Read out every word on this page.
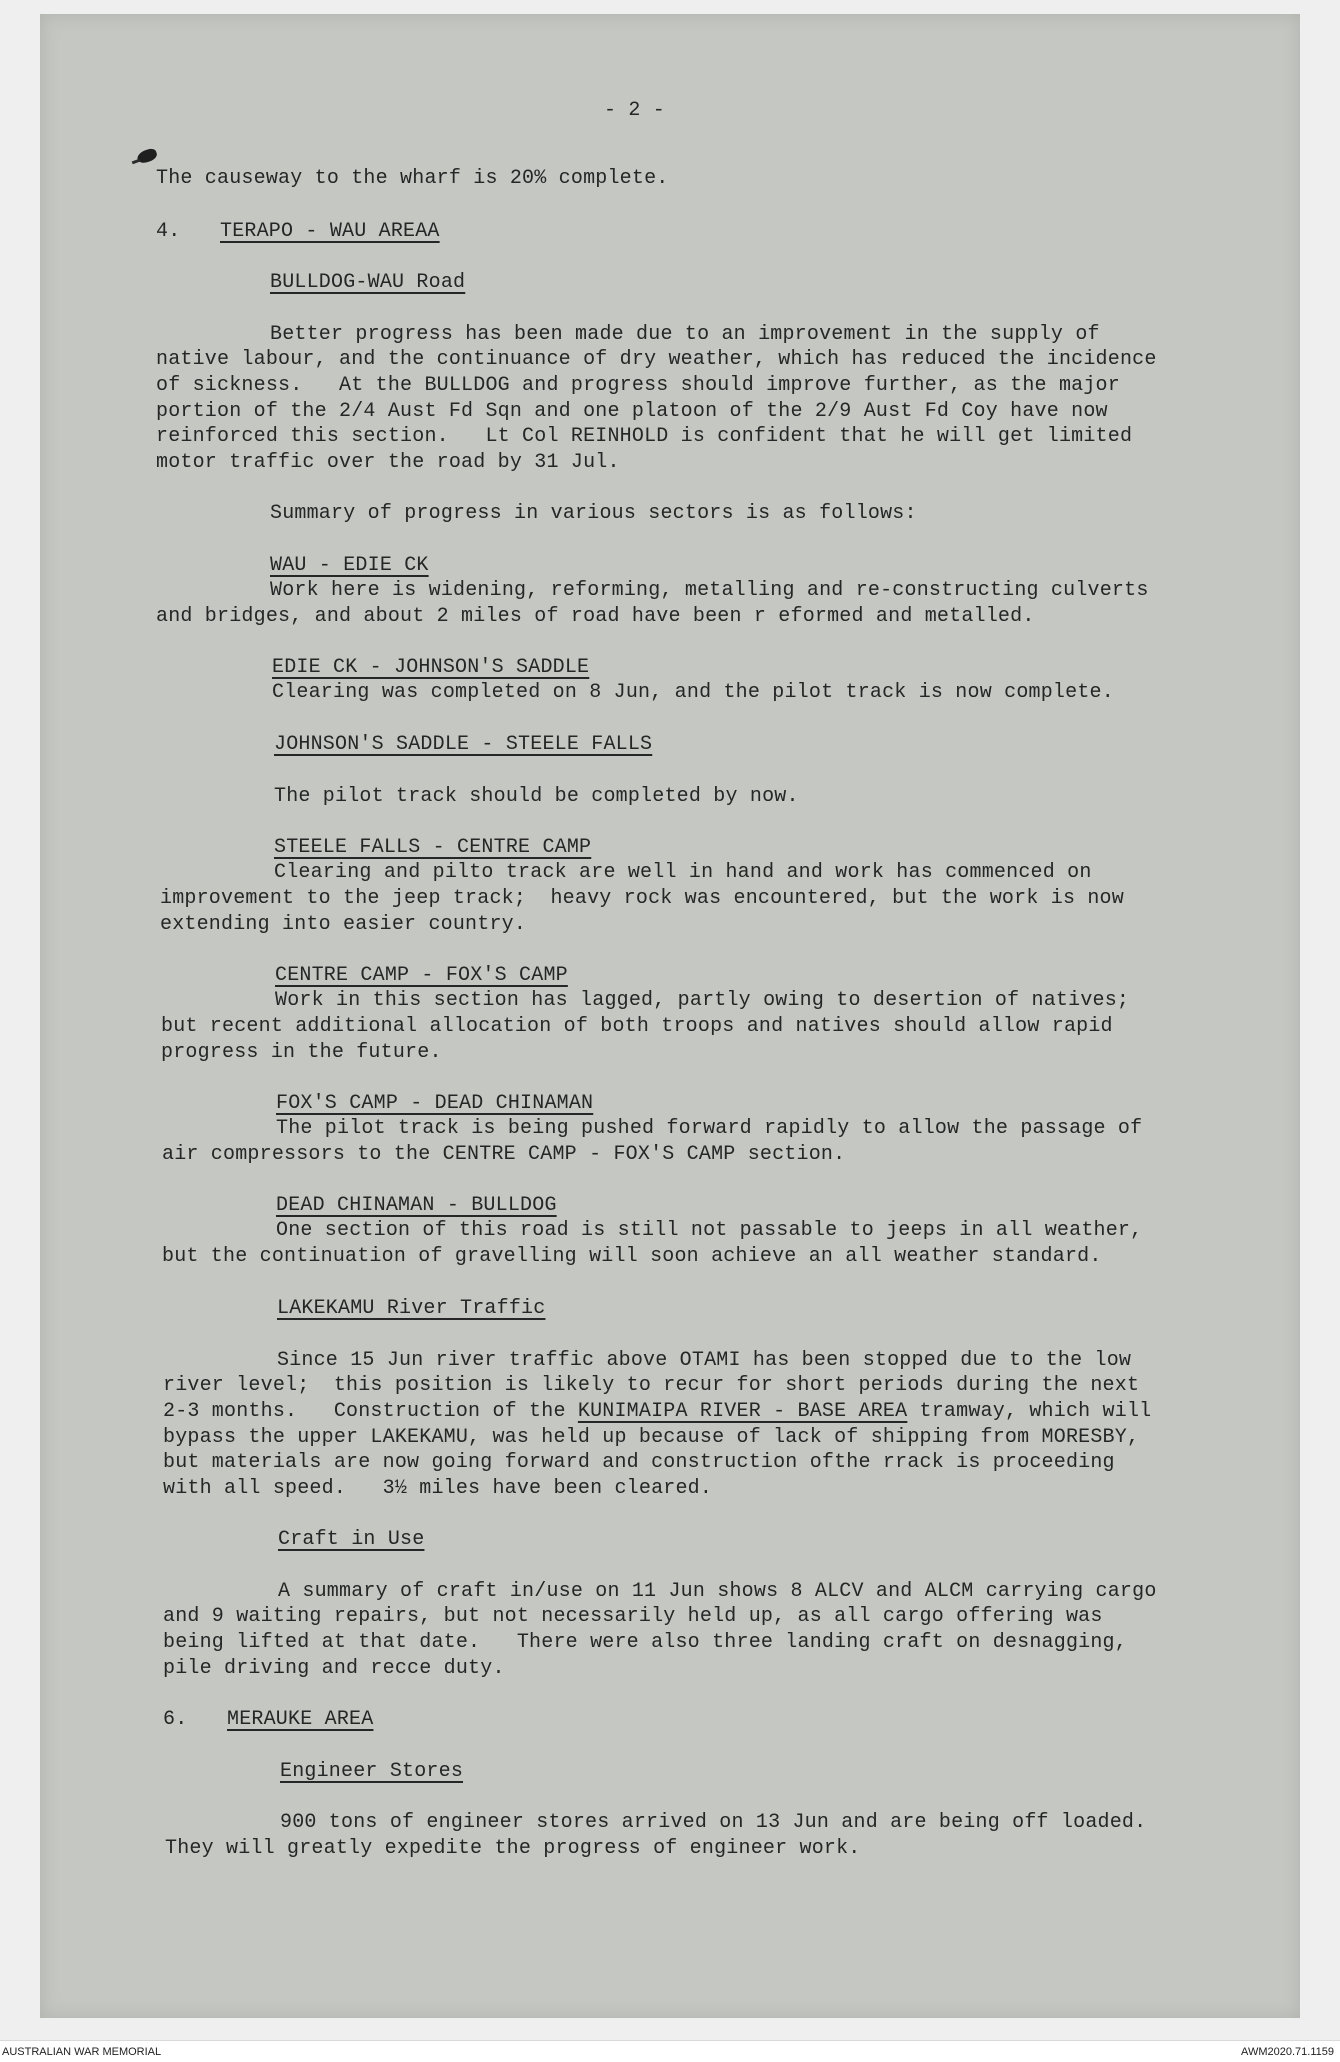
- 2 -
The causeway to the wharf is 20% complete.
4. TERAPO - WAU AREAA
BULLDOG-WAU Road
Better progress has been made due to an improvement in the supply of
native labour, and the continuance of dry weather, which has reduced the incidence
of sickness.   At the BULLDOG and progress should improve further, as the major
portion of the 2/4 Aust Fd Sqn and one platoon of the 2/9 Aust Fd Coy have now
reinforced this section.   Lt Col REINHOLD is confident that he will get limited
motor traffic over the road by 31 Jul.
Summary of progress in various sectors is as follows:
WAU - EDIE CK
Work here is widening, reforming, metalling and re-constructing culverts
and bridges, and about 2 miles of road have been r eformed and metalled.
EDIE CK - JOHNSON'S SADDLE
Clearing was completed on 8 Jun, and the pilot track is now complete.
JOHNSON'S SADDLE - STEELE FALLS
The pilot track should be completed by now.
STEELE FALLS - CENTRE CAMP
Clearing and pilto track are well in hand and work has commenced on
improvement to the jeep track;  heavy rock was encountered, but the work is now
extending into easier country.
CENTRE CAMP - FOX'S CAMP
Work in this section has lagged, partly owing to desertion of natives;
but recent additional allocation of both troops and natives should allow rapid
progress in the future.
FOX'S CAMP - DEAD CHINAMAN
The pilot track is being pushed forward rapidly to allow the passage of
air compressors to the CENTRE CAMP - FOX'S CAMP section.
DEAD CHINAMAN - BULLDOG
One section of this road is still not passable to jeeps in all weather,
but the continuation of gravelling will soon achieve an all weather standard.
LAKEKAMU River Traffic
Since 15 Jun river traffic above OTAMI has been stopped due to the low
river level;  this position is likely to recur for short periods during the next
2-3 months.   Construction of the KUNIMAIPA RIVER - BASE AREA tramway, which will
bypass the upper LAKEKAMU, was held up because of lack of shipping from MORESBY,
but materials are now going forward and construction ofthe rrack is proceeding
with all speed.   3½ miles have been cleared.
Craft in Use
A summary of craft in/use on 11 Jun shows 8 ALCV and ALCM carrying cargo
and 9 waiting repairs, but not necessarily held up, as all cargo offering was
being lifted at that date.   There were also three landing craft on desnagging,
pile driving and recce duty.
6. MERAUKE AREA
Engineer Stores
900 tons of engineer stores arrived on 13 Jun and are being off loaded.
They will greatly expedite the progress of engineer work.
AUSTRALIAN WAR MEMORIAL	AWM2020.71.1159
